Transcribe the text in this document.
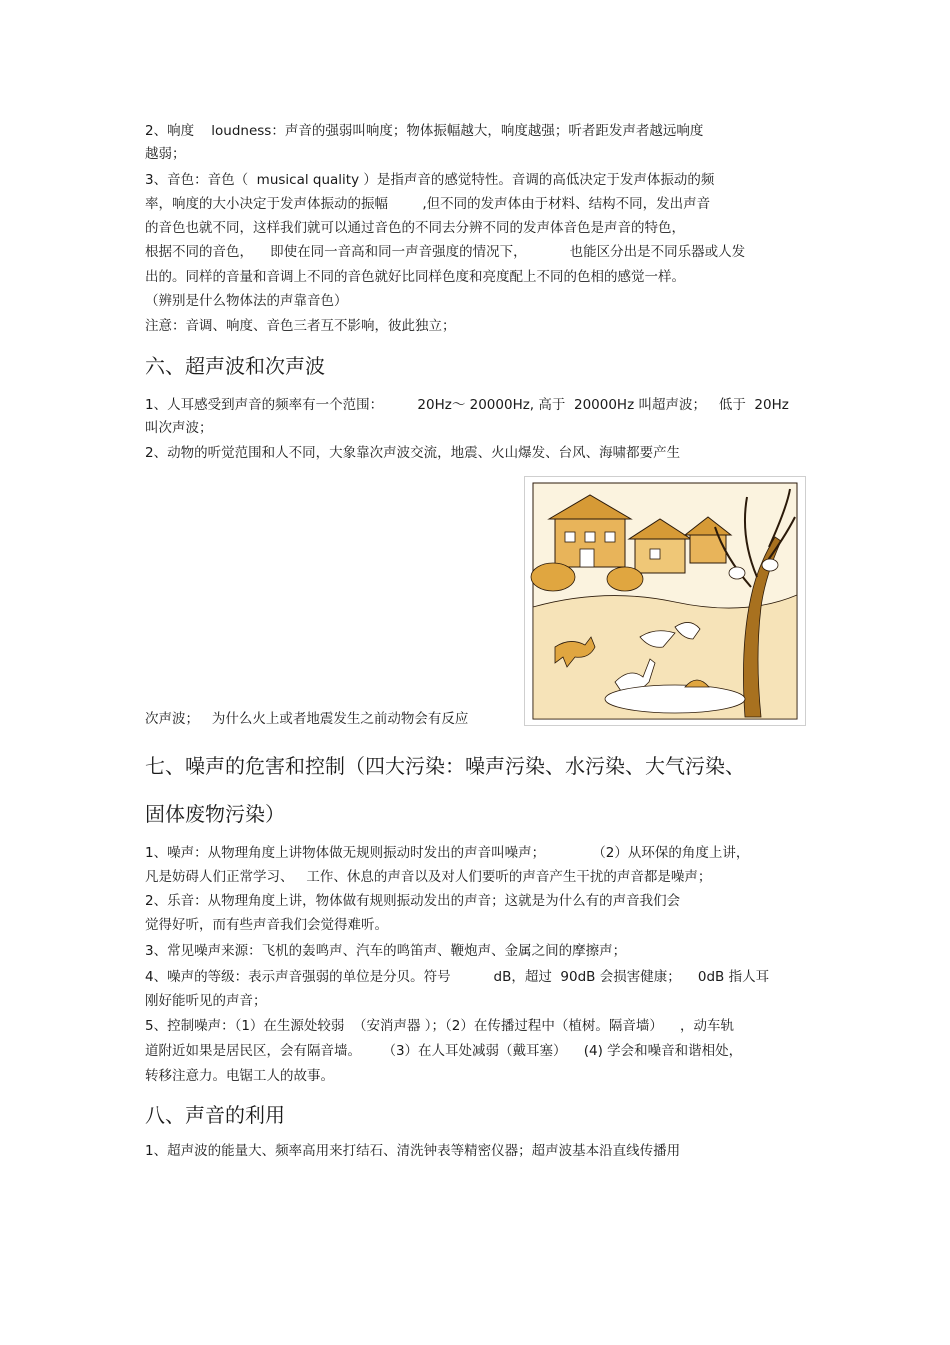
2、响度    loudness：声音的强弱叫响度；物体振幅越大，响度越强；听者距发声者越远响度
越弱；
3、音色：音色（  musical quality ）是指声音的感觉特性。音调的高低决定于发声体振动的频
率，响度的大小决定于发声体振动的振幅        ,但不同的发声体由于材料、结构不同，发出声音
的音色也就不同，这样我们就可以通过音色的不同去分辨不同的发声体音色是声音的特色，
根据不同的音色，    即使在同一音高和同一声音强度的情况下，          也能区分出是不同乐器或人发
出的。同样的音量和音调上不同的音色就好比同样色度和亮度配上不同的色相的感觉一样。
（辨别是什么物体法的声靠音色）
注意：音调、响度、音色三者互不影响，彼此独立；
六、超声波和次声波
1、人耳感受到声音的频率有一个范围：        20Hz～ 20000Hz, 高于  20000Hz 叫超声波；   低于  20Hz
叫次声波；
2、动物的听觉范围和人不同，大象靠次声波交流，地震、火山爆发、台风、海啸都要产生
次声波；   为什么火上或者地震发生之前动物会有反应
七、噪声的危害和控制（四大污染：噪声污染、水污染、大气污染、
固体废物污染）
1、噪声：从物理角度上讲物体做无规则振动时发出的声音叫噪声；           （2）从环保的角度上讲，
凡是妨碍人们正常学习、   工作、休息的声音以及对人们要听的声音产生干扰的声音都是噪声；
2、乐音：从物理角度上讲，物体做有规则振动发出的声音；这就是为什么有的声音我们会
觉得好听，而有些声音我们会觉得难听。
3、常见噪声来源：飞机的轰鸣声、汽车的鸣笛声、鞭炮声、金属之间的摩擦声；
4、噪声的等级：表示声音强弱的单位是分贝。符号          dB，超过  90dB 会损害健康；    0dB 指人耳
刚好能听见的声音；
5、控制噪声：（1）在生源处较弱  （安消声器 ）；（2）在传播过程中（植树。隔音墙）    ，动车轨
道附近如果是居民区，会有隔音墙。     （3）在人耳处减弱（戴耳塞）    (4) 学会和噪音和谐相处，
转移注意力。电锯工人的故事。
八、声音的利用
1、超声波的能量大、频率高用来打结石、清洗钟表等精密仪器；超声波基本沿直线传播用
